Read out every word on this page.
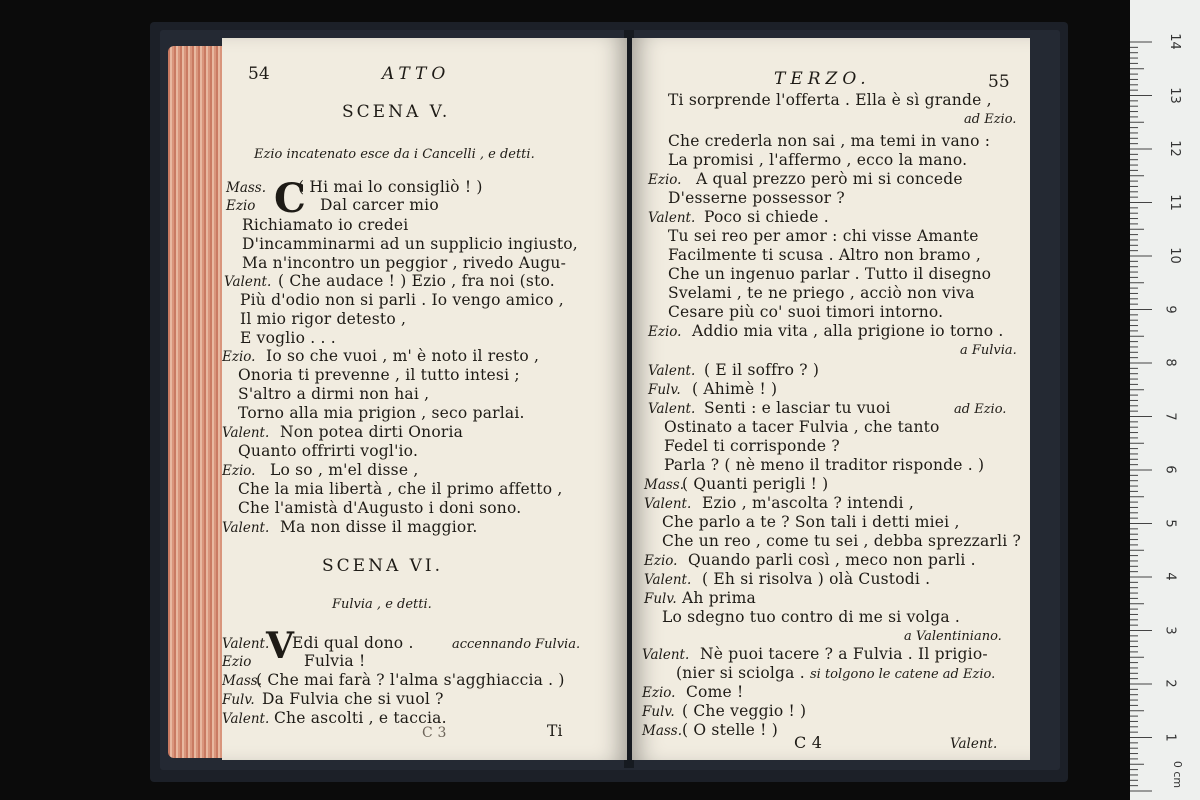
54	ATTO
SCENA V.
Ezio incatenato esce da i Cancelli , e detti.
C
Mass. ( Hi mai lo consigliò ! )
Ezio	Dal carcer mio
Richiamato io credei
D'incamminarmi ad un supplicio ingiusto,
Ma n'incontro un peggior , rivedo Augu-
Valent. ( Che audace ! ) Ezio , fra noi (sto.
Più d'odio non si parli . Io vengo amico ,
Il mio rigor detesto ,
E voglio . . .
Ezio. Io so che vuoi , m' è noto il resto ,
Onoria ti prevenne , il tutto intesi ;
S'altro a dirmi non hai ,
Torno alla mia prigion , seco parlai.
Valent. Non potea dirti Onoria
Quanto offrirti vogl'io.
Ezio. Lo so , m'el disse ,
Che la mia libertà , che il primo affetto ,
Che l'amistà d'Augusto i doni sono.
Valent. Ma non disse il maggior.
SCENA VI.
Fulvia , e detti.
V
Valent. Edi qual dono .	accennando Fulvia.
Ezio	Fulvia !
Mass.
( Che mai farà ? l'alma s'agghiaccia . )
Fulv. Da Fulvia che si vuol ?
Valent. Che ascolti , e taccia.
C 3	Ti
TERZO.	55
Ti sorprende l'offerta . Ella è sì grande ,
ad Ezio.
Che crederla non sai , ma temi in vano :
La promisi , l'affermo , ecco la mano.
Ezio. A qual prezzo però mi si concede
D'esserne possessor ?
Valent. Poco si chiede .
Tu sei reo per amor : chi visse Amante
Facilmente ti scusa . Altro non bramo ,
Che un ingenuo parlar . Tutto il disegno
Svelami , te ne priego , acciò non viva
Cesare più co' suoi timori intorno.
Ezio. Addio mia vita , alla prigione io torno .
a Fulvia.
Valent. ( E il soffro ? )
Fulv. ( Ahimè ! )
Valent. Senti : e lasciar tu vuoi	ad Ezio.
Ostinato a tacer Fulvia , che tanto
Fedel ti corrisponde ?
Parla ? ( nè meno il traditor risponde . )
Mass.
( Quanti perigli ! )
Valent. Ezio , m'ascolta ? intendi ,
Che parlo a te ? Son tali i detti miei ,
Che un reo , come tu sei , debba sprezzarli ?
Ezio. Quando parli così , meco non parli .
Valent. ( Eh si risolva ) olà Custodi .
Fulv. Ah prima
Lo sdegno tuo contro di me si volga .
a Valentiniano.
Valent. Nè puoi tacere ? a Fulvia . Il prigio-
(nier si sciolga . si tolgono le catene ad Ezio.
Ezio. Come !
Fulv. ( Che veggio ! )
Mass. ( O stelle ! )
C 4	Valent.
14
13
12
11
10
9
8
7
6
5
4
3
2
1
0 cm
